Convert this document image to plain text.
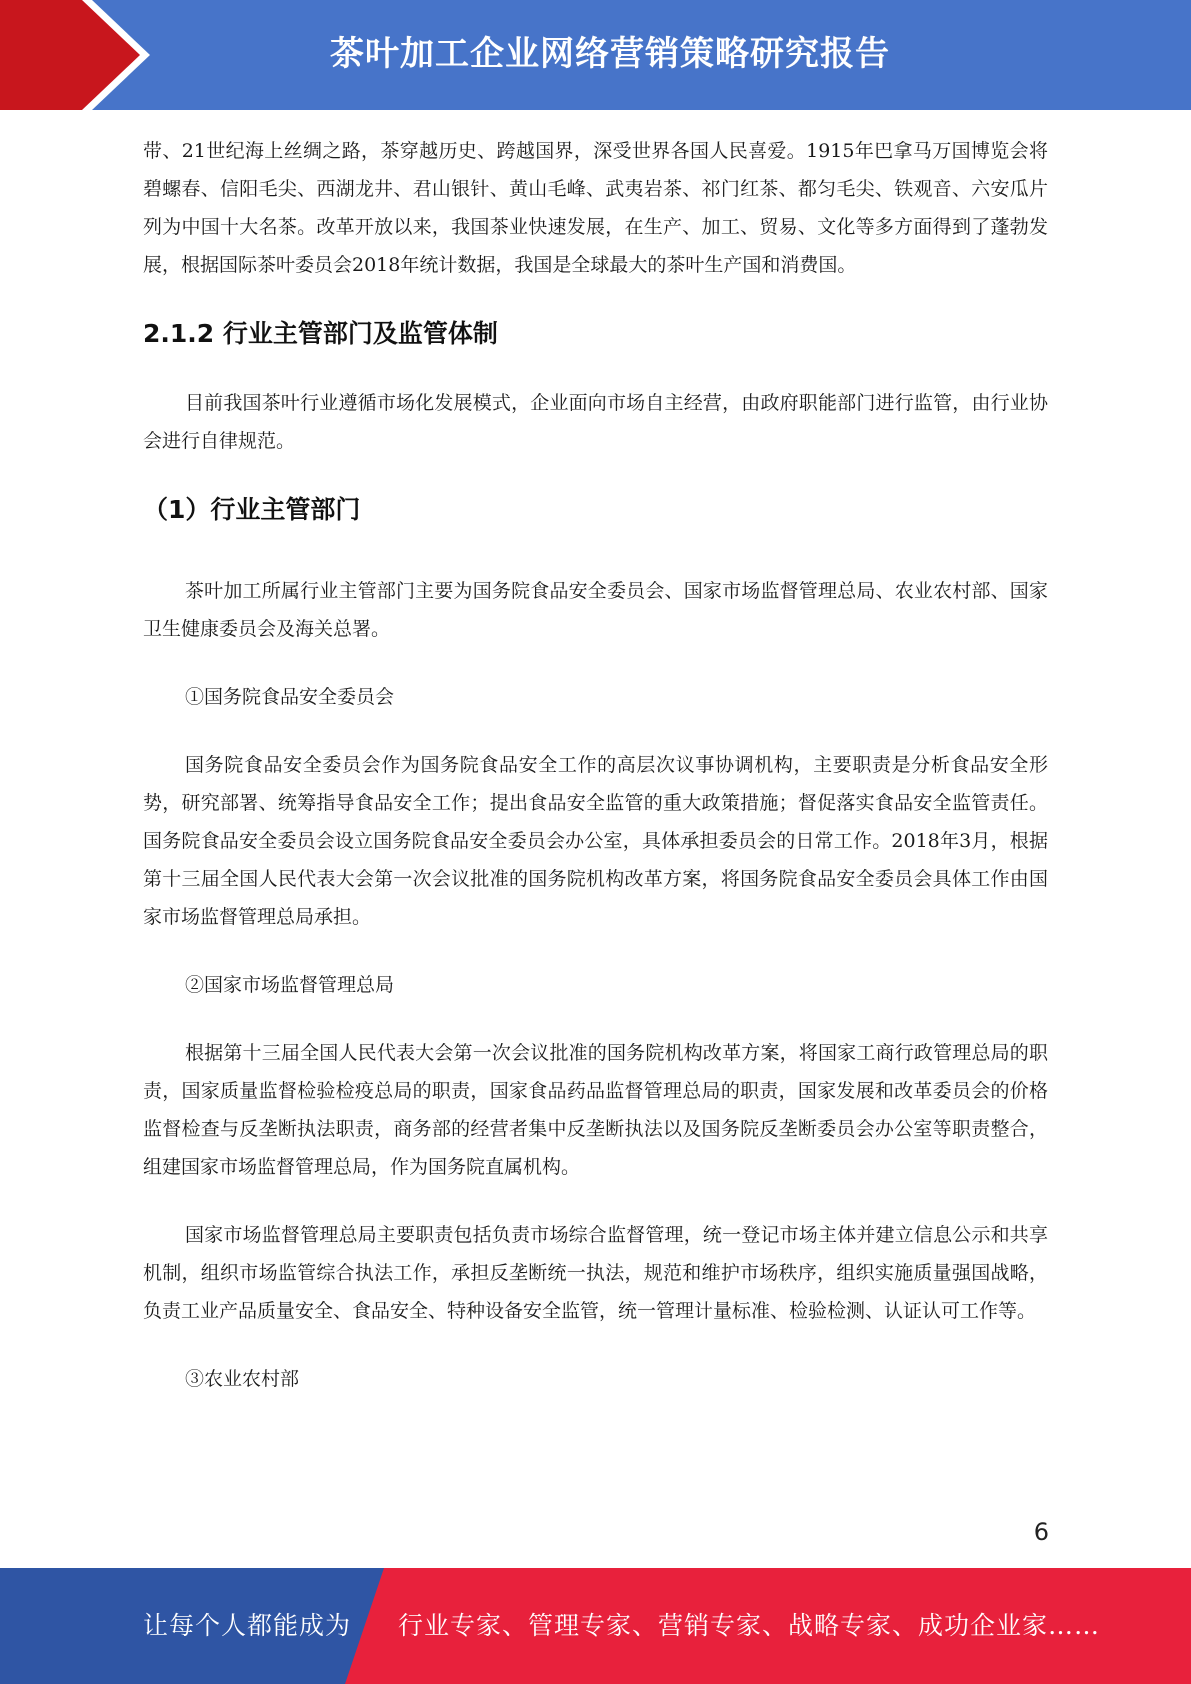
茶叶加工企业网络营销策略研究报告

带、21世纪海上丝绸之路，茶穿越历史、跨越国界，深受世界各国人民喜爱。1915年巴拿马万国博览会将碧螺春、信阳毛尖、西湖龙井、君山银针、黄山毛峰、武夷岩茶、祁门红茶、都匀毛尖、铁观音、六安瓜片列为中国十大名茶。改革开放以来，我国茶业快速发展，在生产、加工、贸易、文化等多方面得到了蓬勃发展，根据国际茶叶委员会2018年统计数据，我国是全球最大的茶叶生产国和消费国。

2.1.2 行业主管部门及监管体制

目前我国茶叶行业遵循市场化发展模式，企业面向市场自主经营，由政府职能部门进行监管，由行业协会进行自律规范。

（1）行业主管部门

茶叶加工所属行业主管部门主要为国务院食品安全委员会、国家市场监督管理总局、农业农村部、国家卫生健康委员会及海关总署。

①国务院食品安全委员会

国务院食品安全委员会作为国务院食品安全工作的高层次议事协调机构，主要职责是分析食品安全形势，研究部署、统筹指导食品安全工作；提出食品安全监管的重大政策措施；督促落实食品安全监管责任。国务院食品安全委员会设立国务院食品安全委员会办公室，具体承担委员会的日常工作。2018年3月，根据第十三届全国人民代表大会第一次会议批准的国务院机构改革方案，将国务院食品安全委员会具体工作由国家市场监督管理总局承担。

②国家市场监督管理总局

根据第十三届全国人民代表大会第一次会议批准的国务院机构改革方案，将国家工商行政管理总局的职责，国家质量监督检验检疫总局的职责，国家食品药品监督管理总局的职责，国家发展和改革委员会的价格监督检查与反垄断执法职责，商务部的经营者集中反垄断执法以及国务院反垄断委员会办公室等职责整合，组建国家市场监督管理总局，作为国务院直属机构。

国家市场监督管理总局主要职责包括负责市场综合监督管理，统一登记市场主体并建立信息公示和共享机制，组织市场监管综合执法工作，承担反垄断统一执法，规范和维护市场秩序，组织实施质量强国战略，负责工业产品质量安全、食品安全、特种设备安全监管，统一管理计量标准、检验检测、认证认可工作等。

③农业农村部

6
让每个人都能成为 行业专家、管理专家、营销专家、战略专家、成功企业家……
